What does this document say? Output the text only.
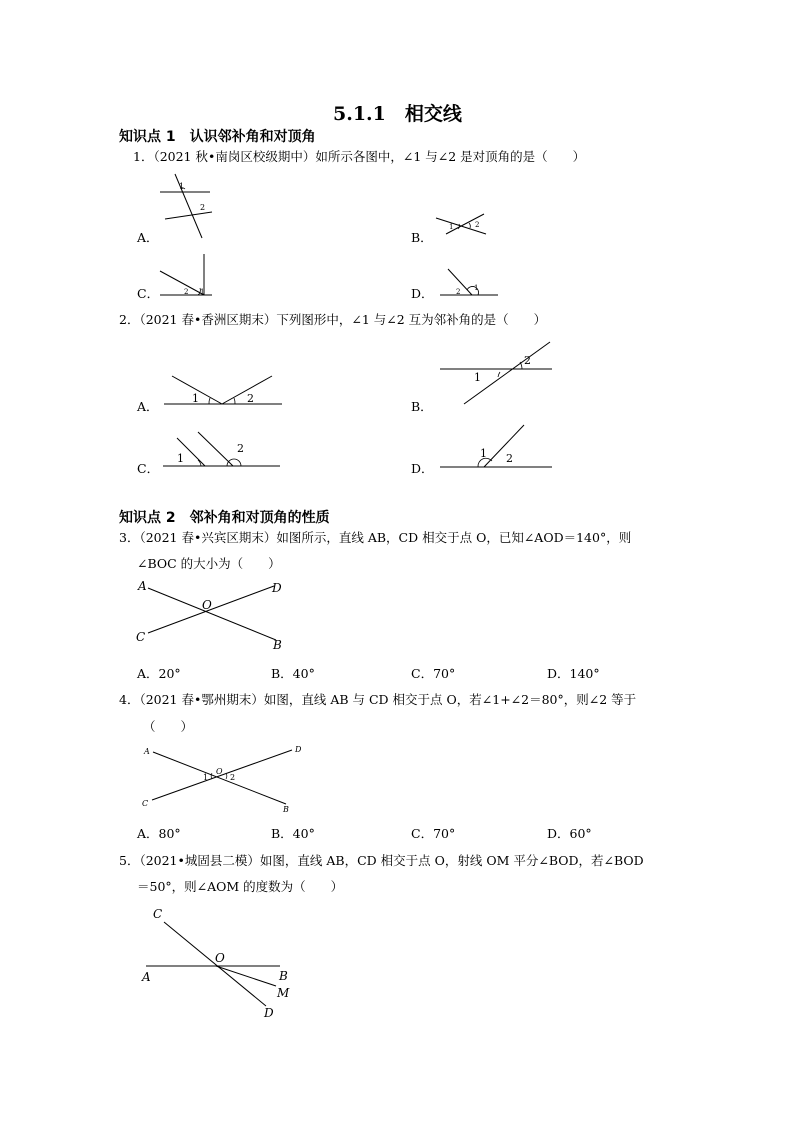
5.1.1　相交线
知识点 1　认识邻补角和对顶角
1．（2021 秋•南岗区校级期中）如所示各图中，∠1 与∠2 是对顶角的是（　　）
1
2
A．
1	2
B．
1
2
C．	1
2
D．
2．（2021 春•香洲区期末）下列图形中，∠1 与∠2 互为邻补角的是（　　）
1	2
A．
1
2
B．
1
2
C．
1 2
D．
知识点 2　邻补角和对顶角的性质
3．（2021 春•兴宾区期末）如图所示，直线 AB，CD 相交于点 O，已知∠AOD＝140°，则
∠BOC 的大小为（　　）
A	D
O
C
B
A．20°	B．40°	C．70°	D．140°
4．（2021 春•鄂州期末）如图，直线 AB 与 CD 相交于点 O，若∠1+∠2＝80°，则∠2 等于
（　　）
A	D
O
1	2
C
B
A．80°	B．40°	C．70°	D．60°
5．（2021•城固县二模）如图，直线 AB，CD 相交于点 O，射线 OM 平分∠BOD，若∠BOD
＝50°，则∠AOM 的度数为（　　）
C
O
A	B
M
D
